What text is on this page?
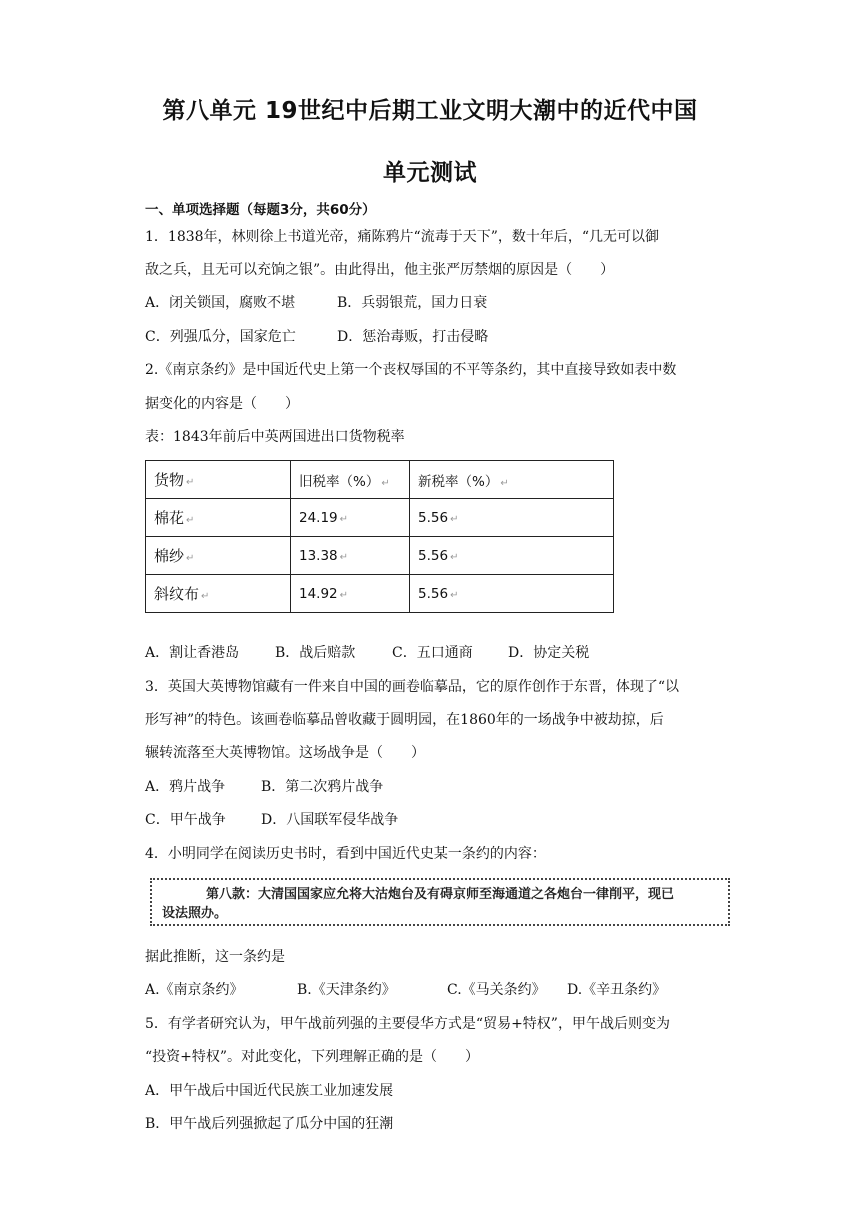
第八单元 19世纪中后期工业文明大潮中的近代中国
单元测试
一、单项选择题（每题3分，共60分）
1．1838年，林则徐上书道光帝，痛陈鸦片“流毒于天下”，数十年后，“几无可以御
敌之兵，且无可以充饷之银”。由此得出，他主张严厉禁烟的原因是（　　）
A．闭关锁国，腐败不堪	B．兵弱银荒，国力日衰
C．列强瓜分，国家危亡	D．惩治毒贩，打击侵略
2.《南京条约》是中国近代史上第一个丧权辱国的不平等条约，其中直接导致如表中数
据变化的内容是（　　）
表：1843年前后中英两国进出口货物税率
货物 ↵	旧税率（%） ↵	新税率（%） ↵
棉花 ↵	24.19 ↵	5.56 ↵
棉纱 ↵	13.38 ↵	5.56 ↵
斜纹布 ↵	14.92 ↵	5.56 ↵
A．割让香港岛	B．战后赔款	C．五口通商	D．协定关税
3．英国大英博物馆藏有一件来自中国的画卷临摹品，它的原作创作于东晋，体现了“以
形写神”的特色。该画卷临摹品曾收藏于圆明园，在1860年的一场战争中被劫掠，后
辗转流落至大英博物馆。这场战争是（　　）
A．鸦片战争	B．第二次鸦片战争
C．甲午战争	D．八国联军侵华战争
4．小明同学在阅读历史书时，看到中国近代史某一条约的内容：
第八款：大清国国家应允将大沽炮台及有碍京师至海通道之各炮台一律削平，现已
设法照办。
据此推断，这一条约是
A.《南京条约》	B.《天津条约》	C.《马关条约》 D.《辛丑条约》
5．有学者研究认为，甲午战前列强的主要侵华方式是“贸易+特权”，甲午战后则变为
“投资+特权”。对此变化，下列理解正确的是（　　）
A．甲午战后中国近代民族工业加速发展
B．甲午战后列强掀起了瓜分中国的狂潮
